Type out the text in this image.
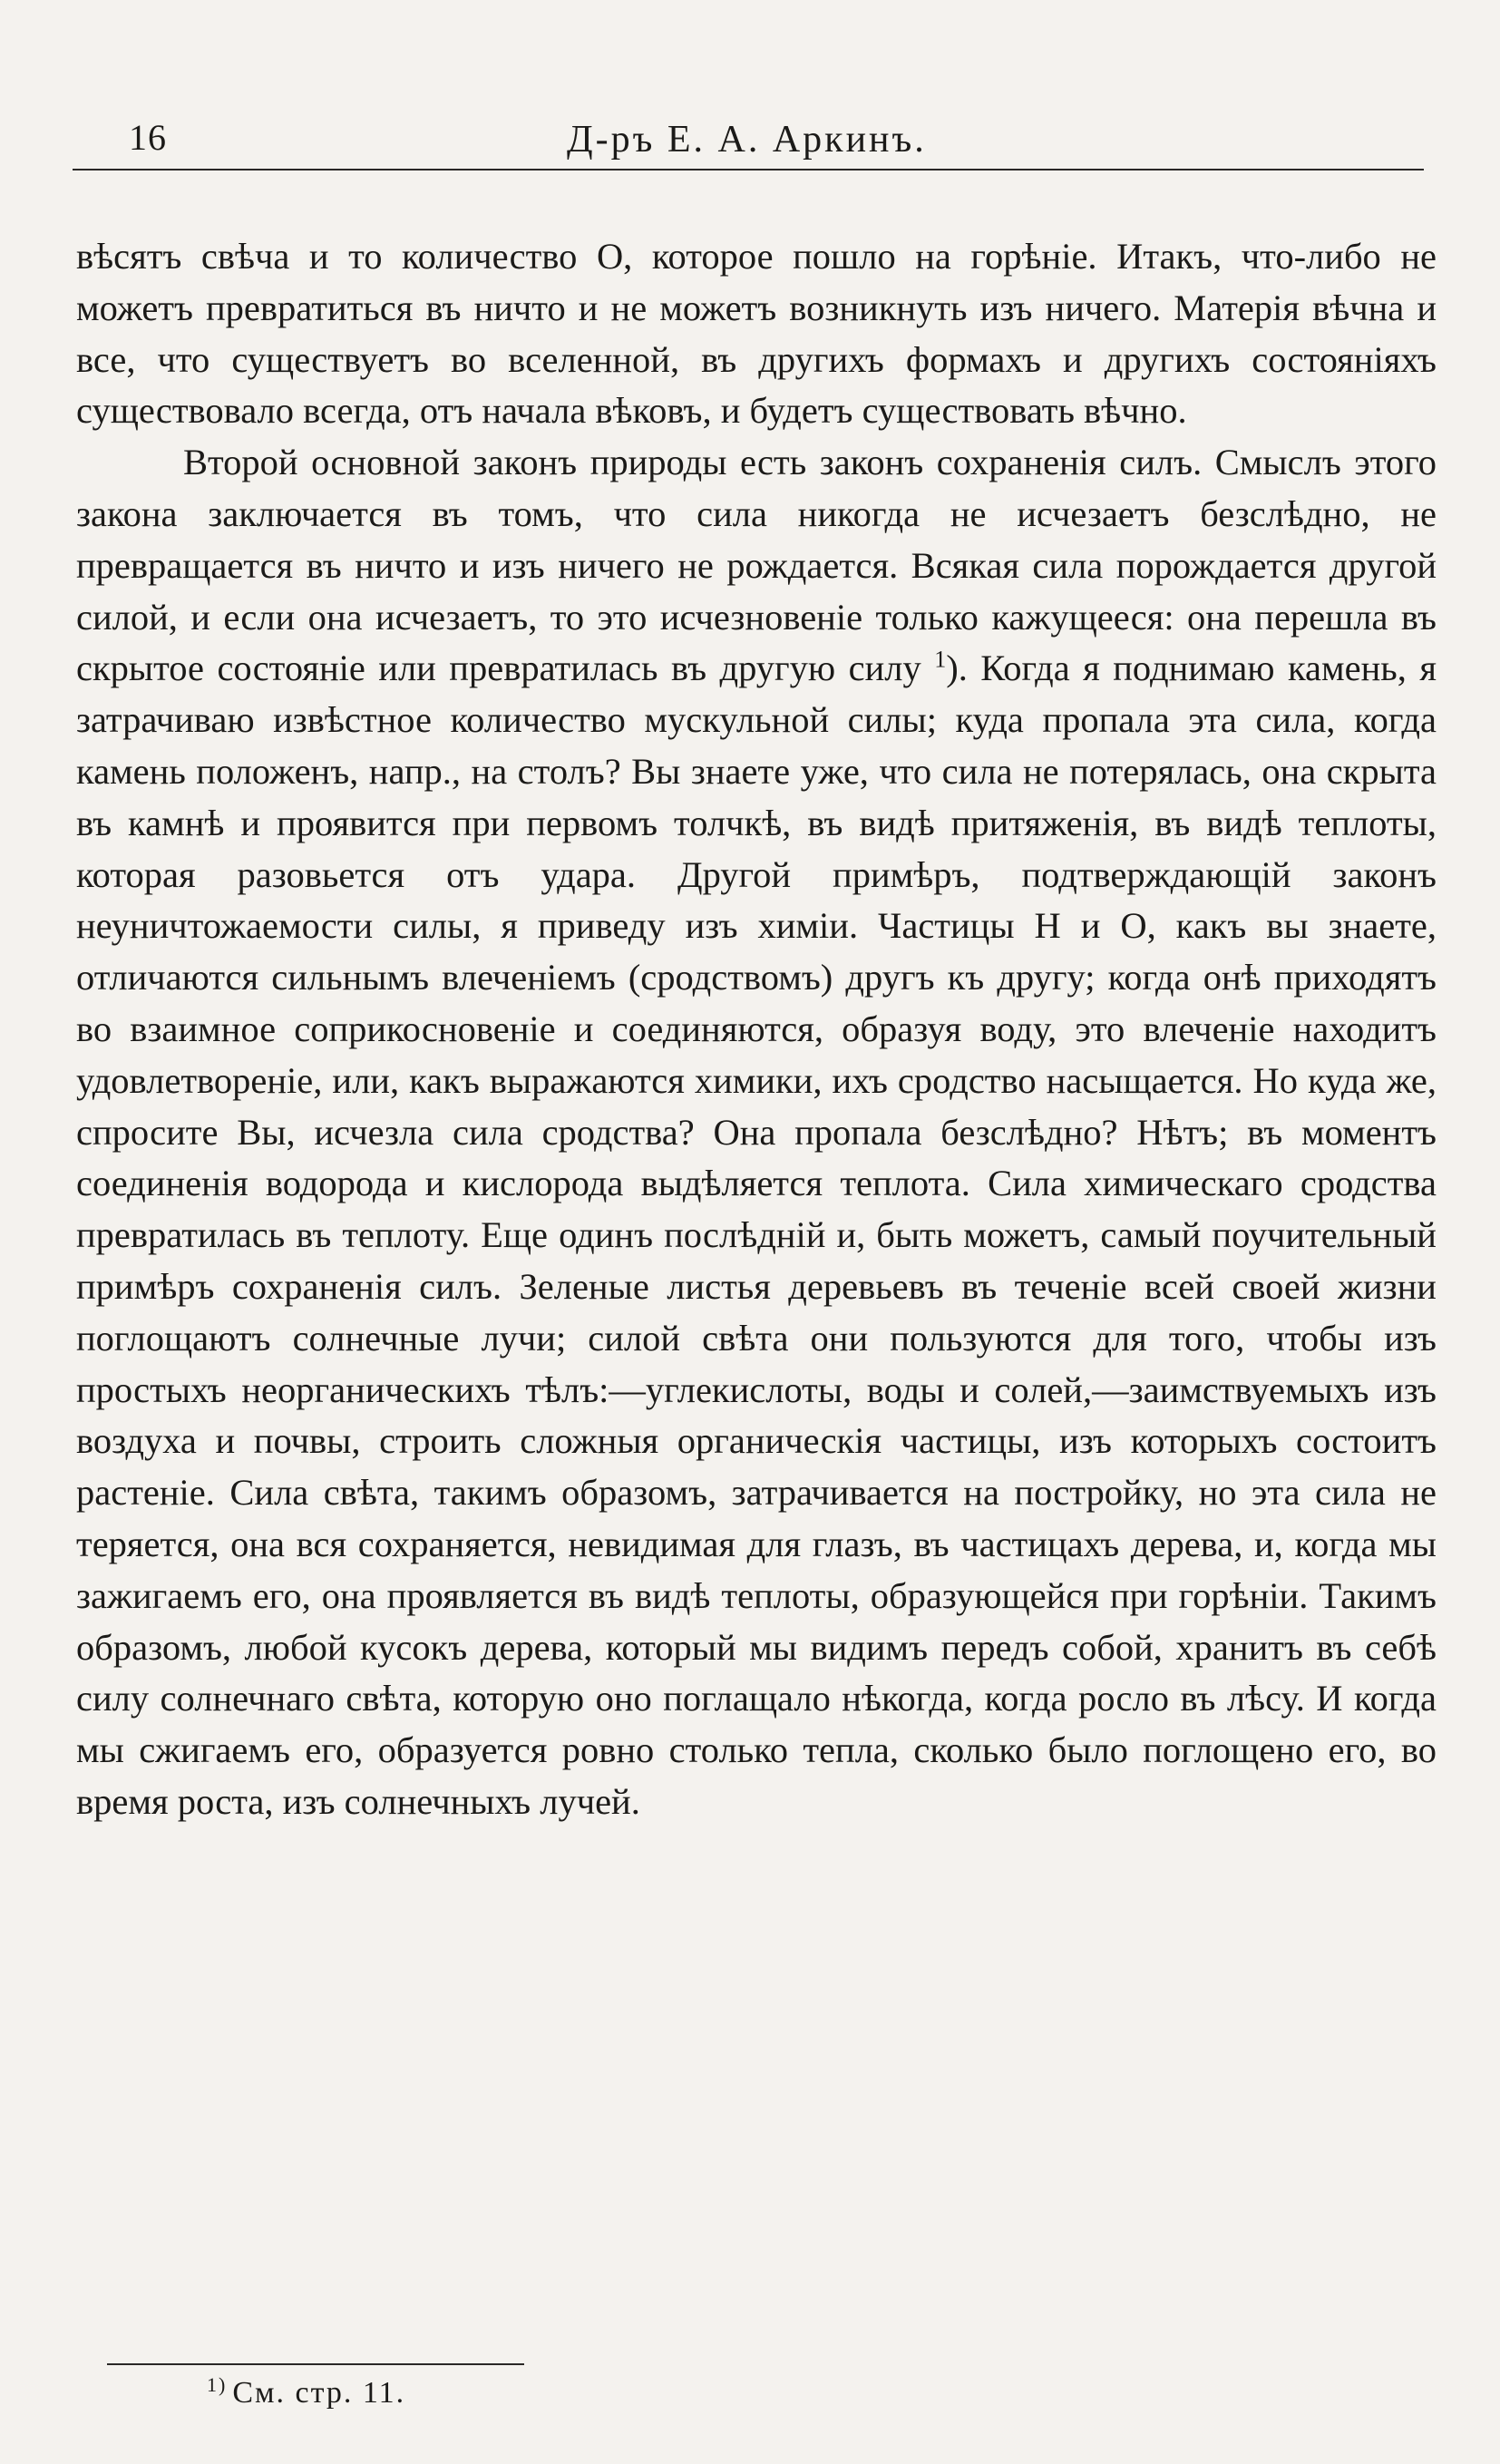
16	Д-ръ Е. А. Аркинъ.

вѣсятъ свѣча и то количество О, которое пошло на горѣніе. Итакъ, что-либо не можетъ превратиться въ ничто и не можетъ возникнуть изъ ничего. Матерія вѣчна и все, что существуетъ во вселенной, въ другихъ формахъ и другихъ состояніяхъ существовало всегда, отъ начала вѣковъ, и будетъ существовать вѣчно.

Второй основной законъ природы есть законъ сохраненія силъ. Смыслъ этого закона заключается въ томъ, что сила никогда не исчезаетъ безслѣдно, не превращается въ ничто и изъ ничего не рождается. Всякая сила порождается другой силой, и если она исчезаетъ, то это исчезновеніе только кажущееся: она перешла въ скрытое состояніе или превратилась въ другую силу $^1$). Когда я поднимаю камень, я затрачиваю извѣстное количество мускульной силы; куда пропала эта сила, когда камень положенъ, напр., на столъ? Вы знаете уже, что сила не потерялась, она скрыта въ камнѣ и проявится при первомъ толчкѣ, въ видѣ притяженія, въ видѣ теплоты, которая разовьется отъ удара. Другой примѣръ, подтверждающій законъ неуничтожаемости силы, я приведу изъ химіи. Частицы H и О, какъ вы знаете, отличаются сильнымъ влеченіемъ (сродствомъ) другъ къ другу; когда онѣ приходятъ во взаимное соприкосновеніе и соединяются, образуя воду, это влеченіе находитъ удовлетвореніе, или, какъ выражаются химики, ихъ сродство насыщается. Но куда же, спросите Вы, исчезла сила сродства? Она пропала безслѣдно? Нѣтъ; въ моментъ соединенія водорода и кислорода выдѣляется теплота. Сила химическаго сродства превратилась въ теплоту. Еще одинъ послѣдній и, быть можетъ, самый поучительный примѣръ сохраненія силъ. Зеленые листья деревьевъ въ теченіе всей своей жизни поглощаютъ солнечные лучи; силой свѣта они пользуются для того, чтобы изъ простыхъ неорганическихъ тѣлъ:—углекислоты, воды и солей,—заимствуемыхъ изъ воздуха и почвы, строить сложныя органическія частицы, изъ которыхъ состоитъ растеніе. Сила свѣта, такимъ образомъ, затрачивается на постройку, но эта сила не теряется, она вся сохраняется, невидимая для глазъ, въ частицахъ дерева, и, когда мы зажигаемъ его, она проявляется въ видѣ теплоты, образующейся при горѣніи. Такимъ образомъ, любой кусокъ дерева, который мы видимъ передъ собой, хранитъ въ себѣ силу солнечнаго свѣта, которую оно поглащало нѣкогда, когда росло въ лѣсу. И когда мы сжигаемъ его, образуется ровно столько тепла, сколько было поглощено его, во время роста, изъ солнечныхъ лучей.

$^{1)}$ См. стр. 11.
